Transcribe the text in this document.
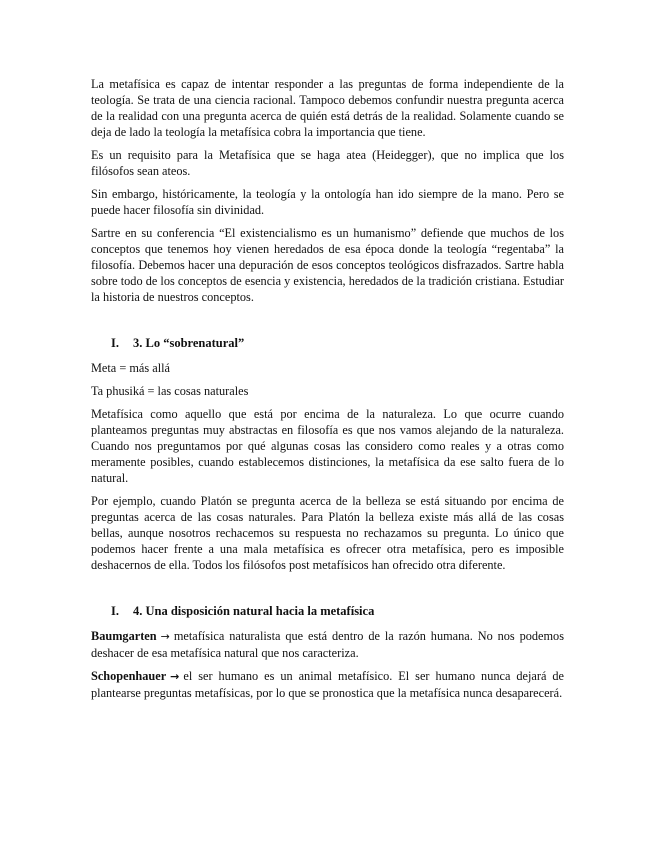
La metafísica es capaz de intentar responder a las preguntas de forma independiente de la teología. Se trata de una ciencia racional. Tampoco debemos confundir nuestra pregunta acerca de la realidad con una pregunta acerca de quién está detrás de la realidad. Solamente cuando se deja de lado la teología la metafísica cobra la importancia que tiene.

Es un requisito para la Metafísica que se haga atea (Heidegger), que no implica que los filósofos sean ateos.

Sin embargo, históricamente, la teología y la ontología han ido siempre de la mano. Pero se puede hacer filosofía sin divinidad.

Sartre en su conferencia “El existencialismo es un humanismo” defiende que muchos de los conceptos que tenemos hoy vienen heredados de esa época donde la teología “regentaba” la filosofía. Debemos hacer una depuración de esos conceptos teológicos disfrazados. Sartre habla sobre todo de los conceptos de esencia y existencia, heredados de la tradición cristiana. Estudiar la historia de nuestros conceptos.

I.	3. Lo “sobrenatural”

Meta = más allá

Ta phusiká = las cosas naturales

Metafísica como aquello que está por encima de la naturaleza. Lo que ocurre cuando planteamos preguntas muy abstractas en filosofía es que nos vamos alejando de la naturaleza. Cuando nos preguntamos por qué algunas cosas las considero como reales y a otras como meramente posibles, cuando establecemos distinciones, la metafísica da ese salto fuera de lo natural.

Por ejemplo, cuando Platón se pregunta acerca de la belleza se está situando por encima de preguntas acerca de las cosas naturales. Para Platón la belleza existe más allá de las cosas bellas, aunque nosotros rechacemos su respuesta no rechazamos su pregunta. Lo único que podemos hacer frente a una mala metafísica es ofrecer otra metafísica, pero es imposible deshacernos de ella. Todos los filósofos post metafísicos han ofrecido otra diferente.

I.	4. Una disposición natural hacia la metafísica

Baumgarten → metafísica naturalista que está dentro de la razón humana. No nos podemos deshacer de esa metafísica natural que nos caracteriza.

Schopenhauer → el ser humano es un animal metafísico. El ser humano nunca dejará de plantearse preguntas metafísicas, por lo que se pronostica que la metafísica nunca desaparecerá.
